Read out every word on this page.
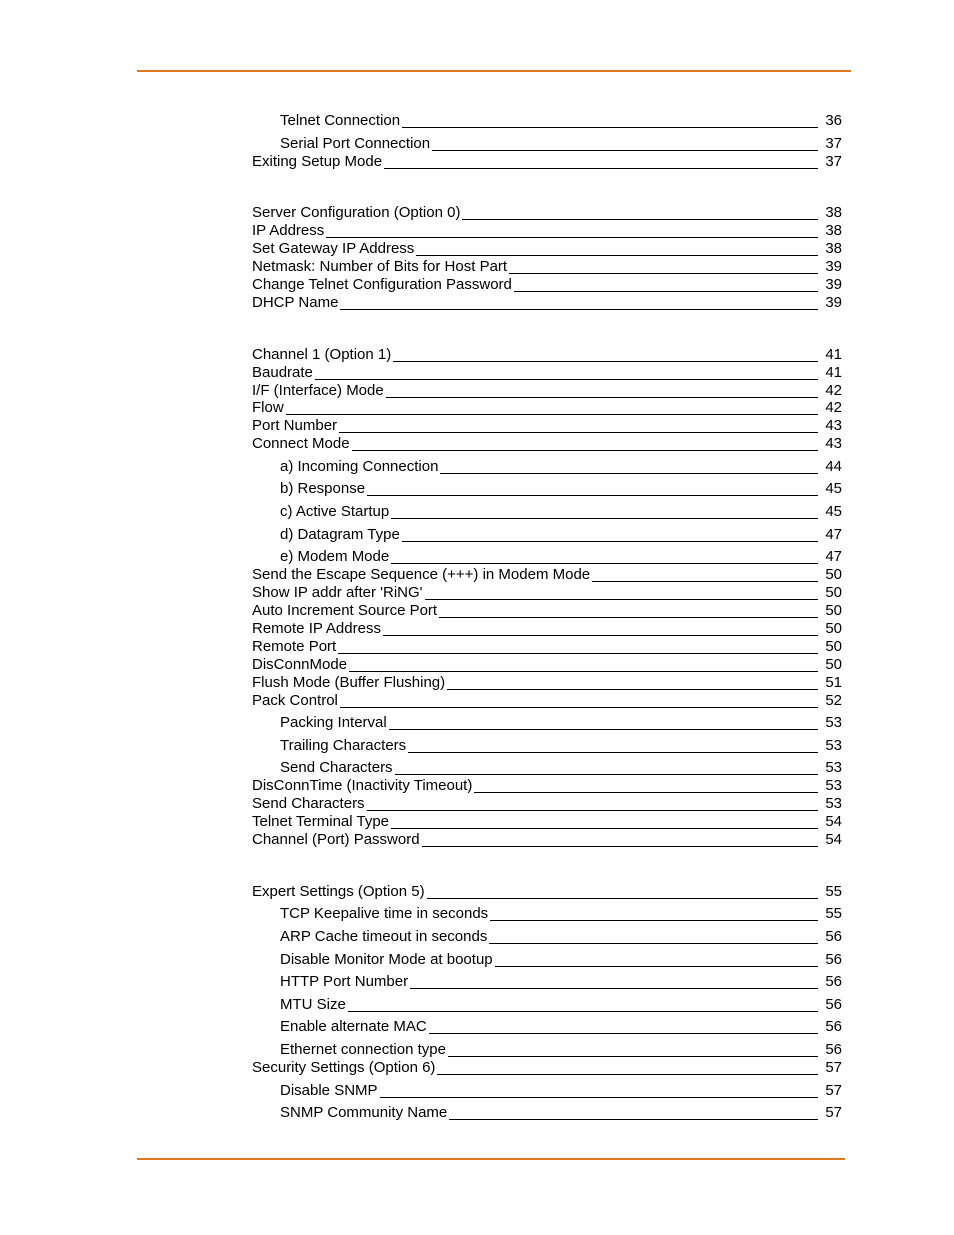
Telnet Connection	36
Serial Port Connection	37
Exiting Setup Mode	37
Server Configuration (Option 0)	38
IP Address	38
Set Gateway IP Address	38
Netmask: Number of Bits for Host Part	39
Change Telnet Configuration Password	39
DHCP Name	39
Channel 1 (Option 1)	41
Baudrate	41
I/F (Interface) Mode	42
Flow	42
Port Number	43
Connect Mode	43
a) Incoming Connection	44
b) Response	45
c) Active Startup	45
d) Datagram Type	47
e) Modem Mode	47
Send the Escape Sequence (+++) in Modem Mode	50
Show IP addr after 'RiNG'	50
Auto Increment Source Port	50
Remote IP Address	50
Remote Port	50
DisConnMode	50
Flush Mode (Buffer Flushing)	51
Pack Control	52
Packing Interval	53
Trailing Characters	53
Send Characters	53
DisConnTime (Inactivity Timeout)	53
Send Characters	53
Telnet Terminal Type	54
Channel (Port) Password	54
Expert Settings (Option 5)	55
TCP Keepalive time in seconds	55
ARP Cache timeout in seconds	56
Disable Monitor Mode at bootup	56
HTTP Port Number	56
MTU Size	56
Enable alternate MAC	56
Ethernet connection type	56
Security Settings (Option 6)	57
Disable SNMP	57
SNMP Community Name	57
